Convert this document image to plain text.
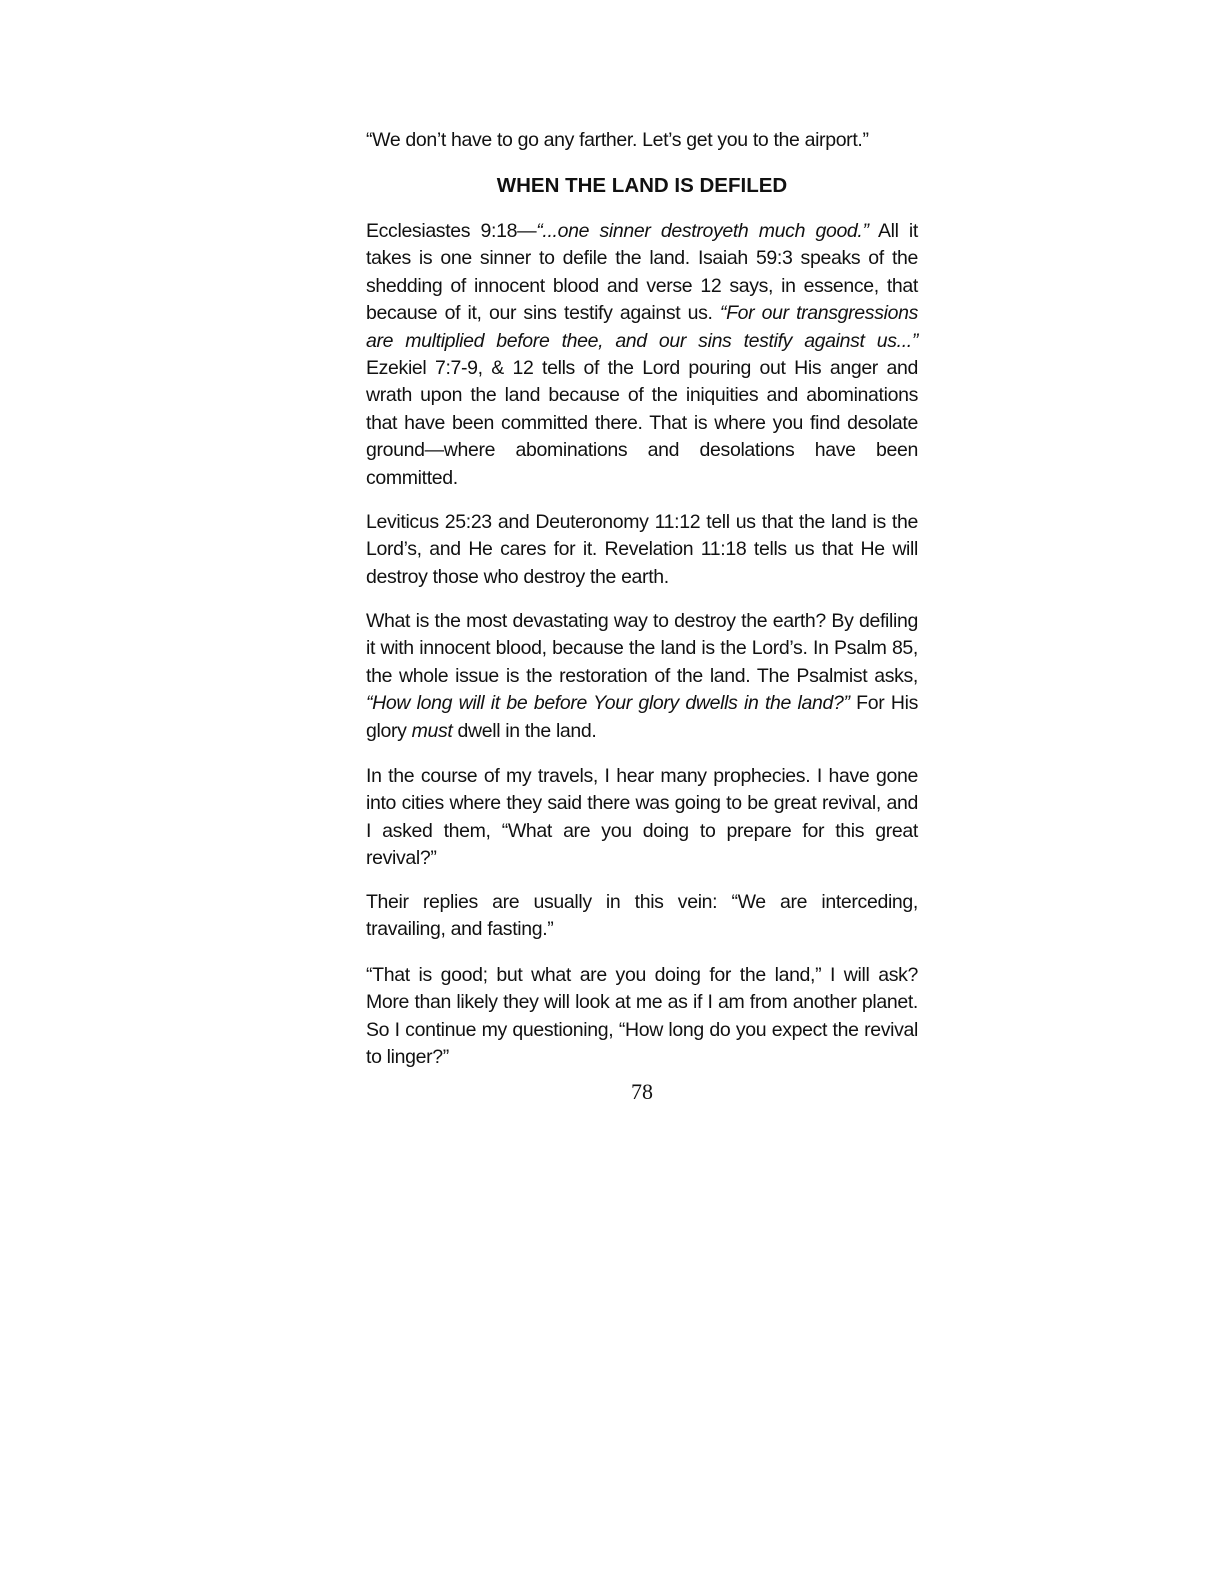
“We don’t have to go any farther. Let’s get you to the airport.”
WHEN THE LAND IS DEFILED

Ecclesiastes 9:18—“...one sinner destroyeth much good.” All it takes is one sinner to defile the land. Isaiah 59:3 speaks of the shedding of innocent blood and verse 12 says, in essence, that because of it, our sins testify against us. “For our transgressions are multiplied before thee, and our sins testify against us...” Ezekiel 7:7-9, & 12 tells of the Lord pouring out His anger and wrath upon the land because of the iniquities and abominations that have been committed there. That is where you find desolate ground—where abominations and desolations have been committed.

Leviticus 25:23 and Deuteronomy 11:12 tell us that the land is the Lord’s, and He cares for it. Revelation 11:18 tells us that He will destroy those who destroy the earth.

What is the most devastating way to destroy the earth? By defiling it with innocent blood, because the land is the Lord’s. In Psalm 85, the whole issue is the restoration of the land. The Psalmist asks, “How long will it be before Your glory dwells in the land?” For His glory must dwell in the land.

In the course of my travels, I hear many prophecies. I have gone into cities where they said there was going to be great revival, and I asked them, “What are you doing to prepare for this great revival?”

Their replies are usually in this vein: “We are interceding, travailing, and fasting.”

“That is good; but what are you doing for the land,” I will ask? More than likely they will look at me as if I am from another planet. So I continue my questioning, “How long do you expect the revival to linger?”

78
